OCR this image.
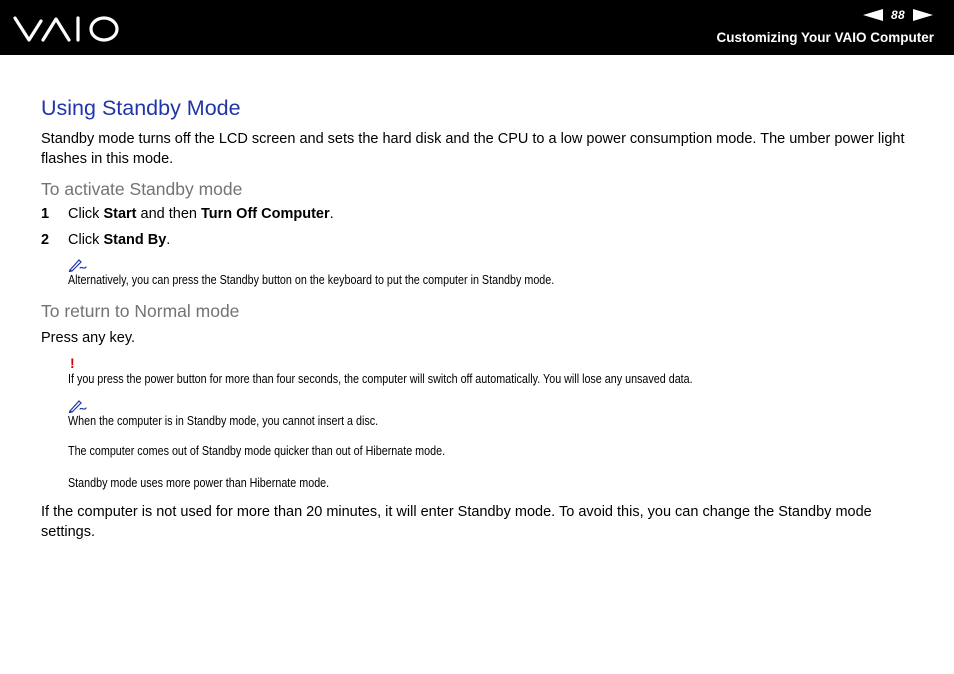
88
Customizing Your VAIO Computer
Using Standby Mode

Standby mode turns off the LCD screen and sets the hard disk and the CPU to a low power consumption mode. The umber power light flashes in this mode.

To activate Standby mode
1	Click Start and then Turn Off Computer.
2	Click Stand By.
Alternatively, you can press the Standby button on the keyboard to put the computer in Standby mode.
To return to Normal mode

Press any key.

!
If you press the power button for more than four seconds, the computer will switch off automatically. You will lose any unsaved data.
When the computer is in Standby mode, you cannot insert a disc.
The computer comes out of Standby mode quicker than out of Hibernate mode.
Standby mode uses more power than Hibernate mode.

If the computer is not used for more than 20 minutes, it will enter Standby mode. To avoid this, you can change the Standby mode settings.
